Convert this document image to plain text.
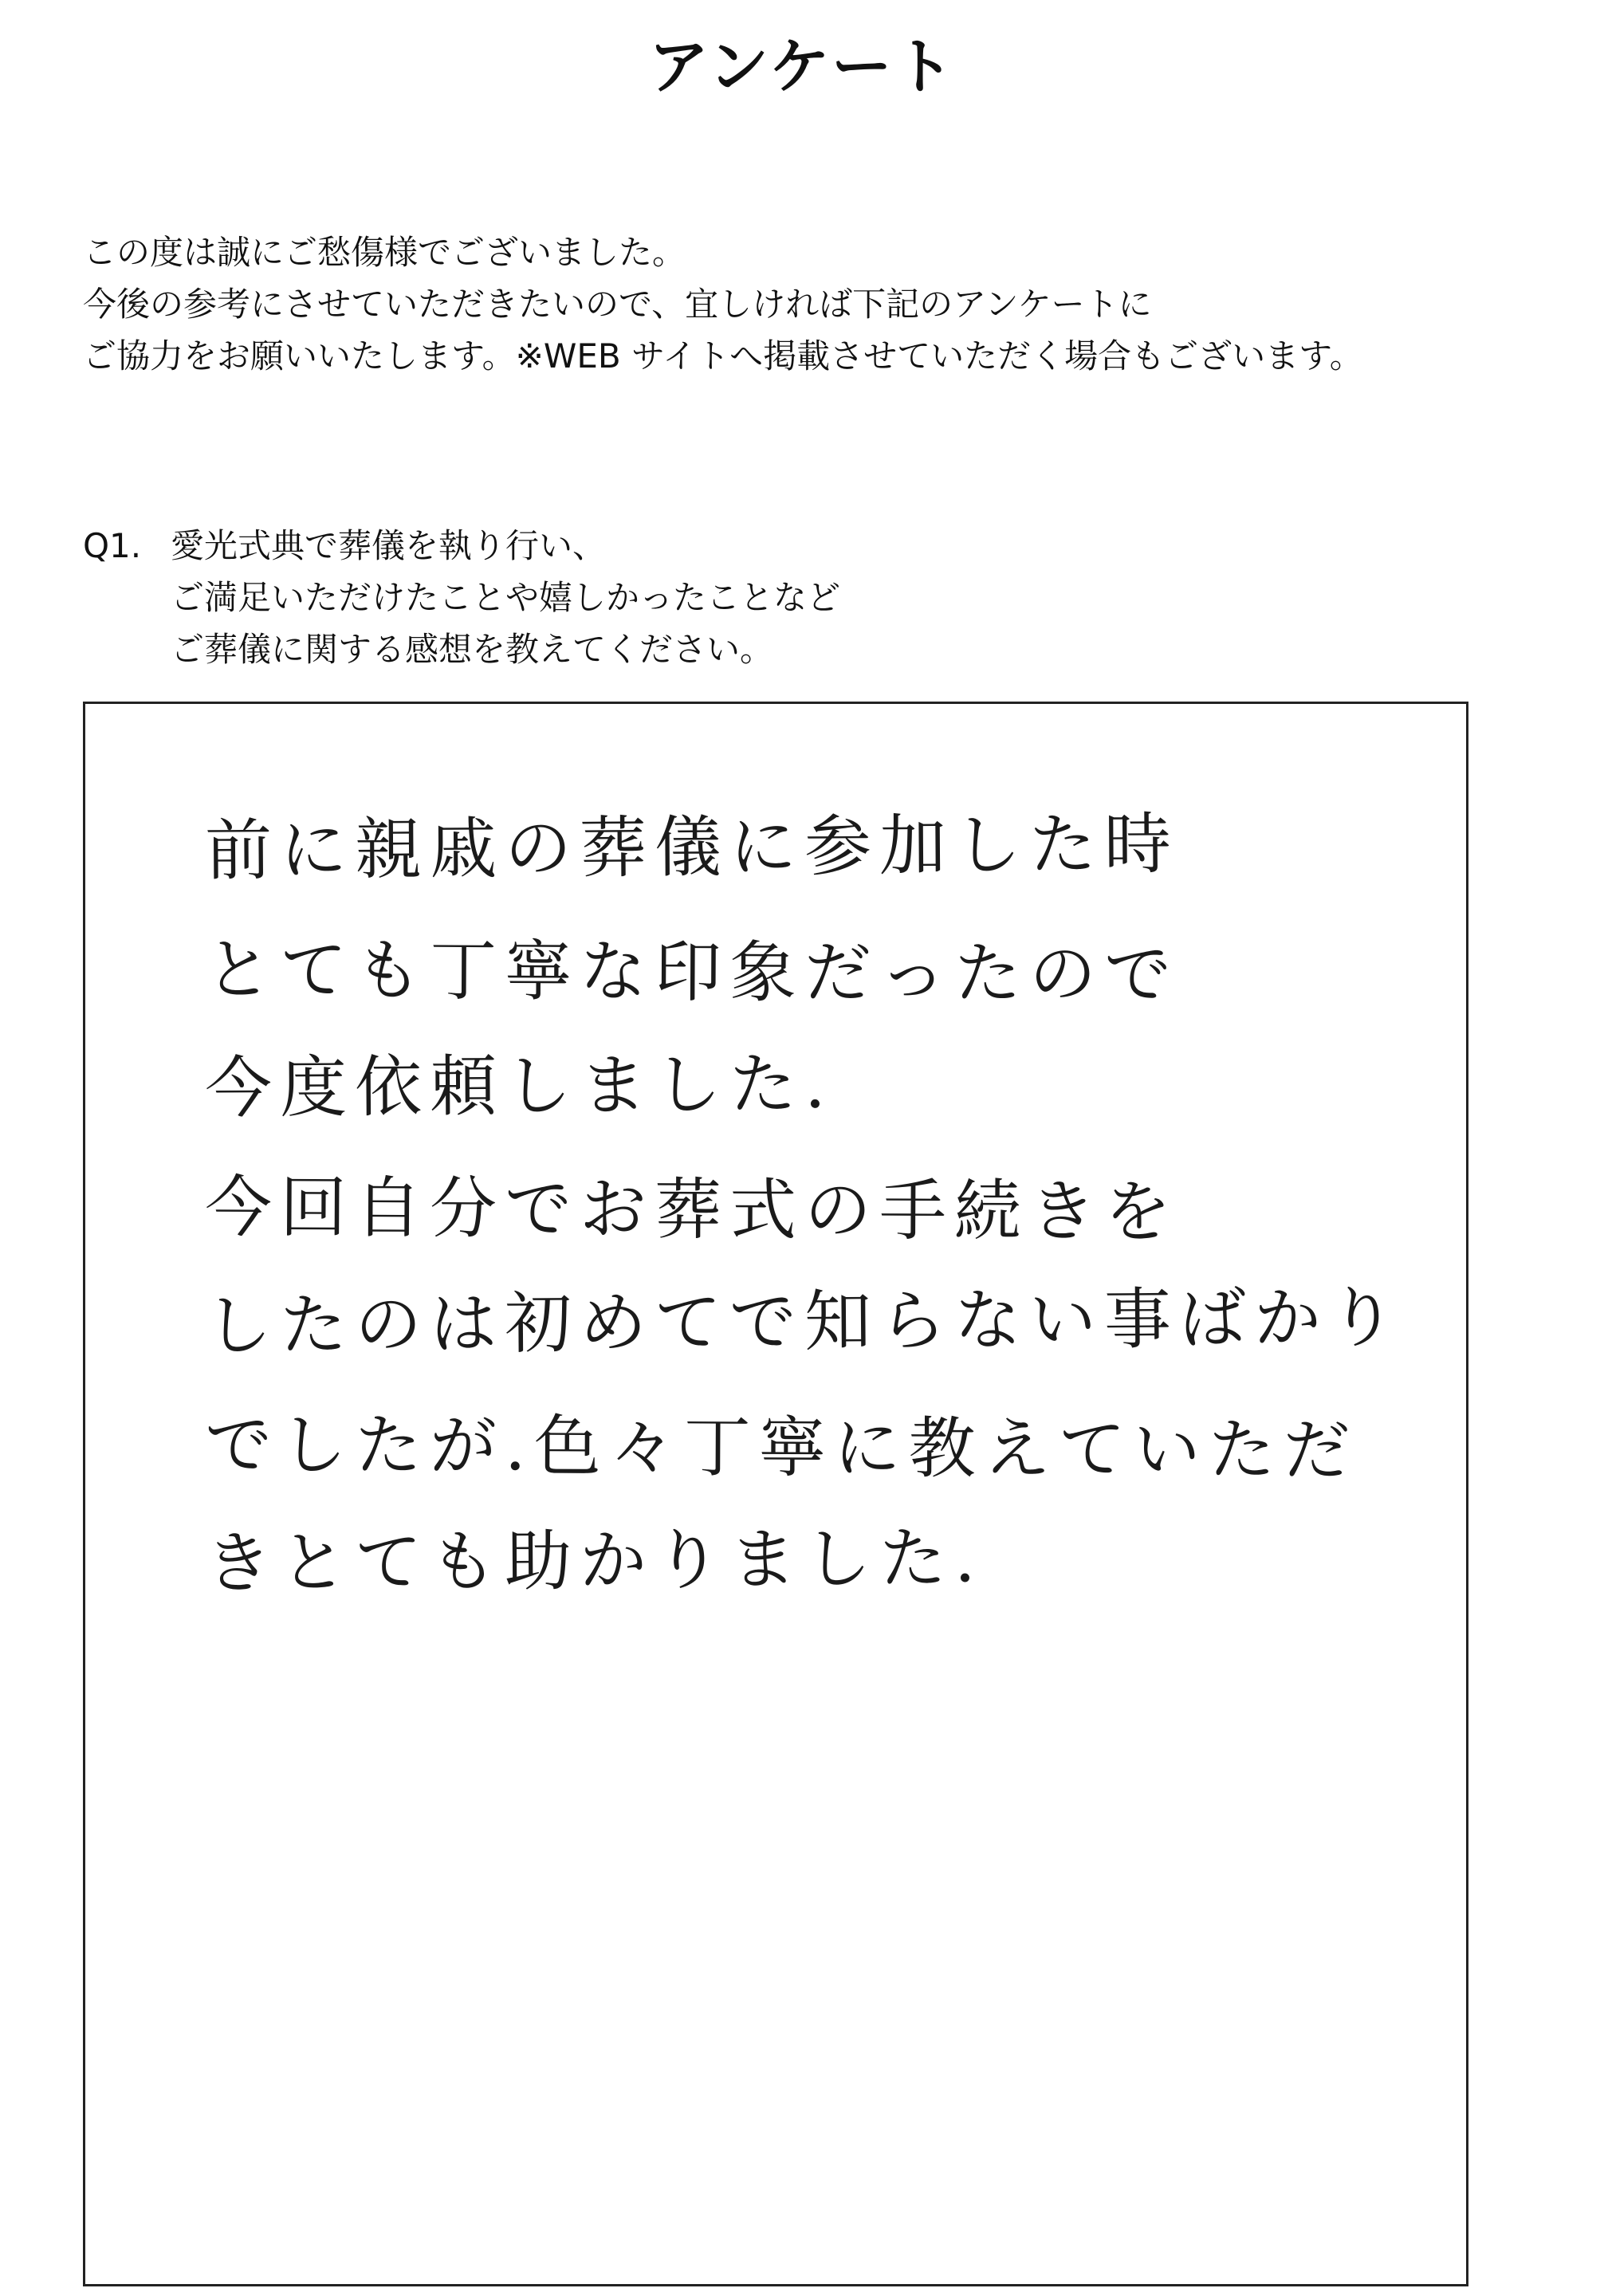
アンケート
この度は誠にご愁傷様でございました。
今後の参考にさせていただきたいので、宜しければ下記のアンケートに
ご協力をお願いいたします。※WEB サイトへ掲載させていただく場合もございます。
Q1. 愛光式典で葬儀を執り行い、
ご満足いただけたことや嬉しかったことなど
ご葬儀に関する感想を教えてください。
前に親戚の葬儀に参加した時
とても丁寧な印象だったので
今度依頼しました.
今回自分でお葬式の手続きを
したのは初めてで知らない事ばかり
でしたが.色々丁寧に教えていただ
きとても助かりました.
